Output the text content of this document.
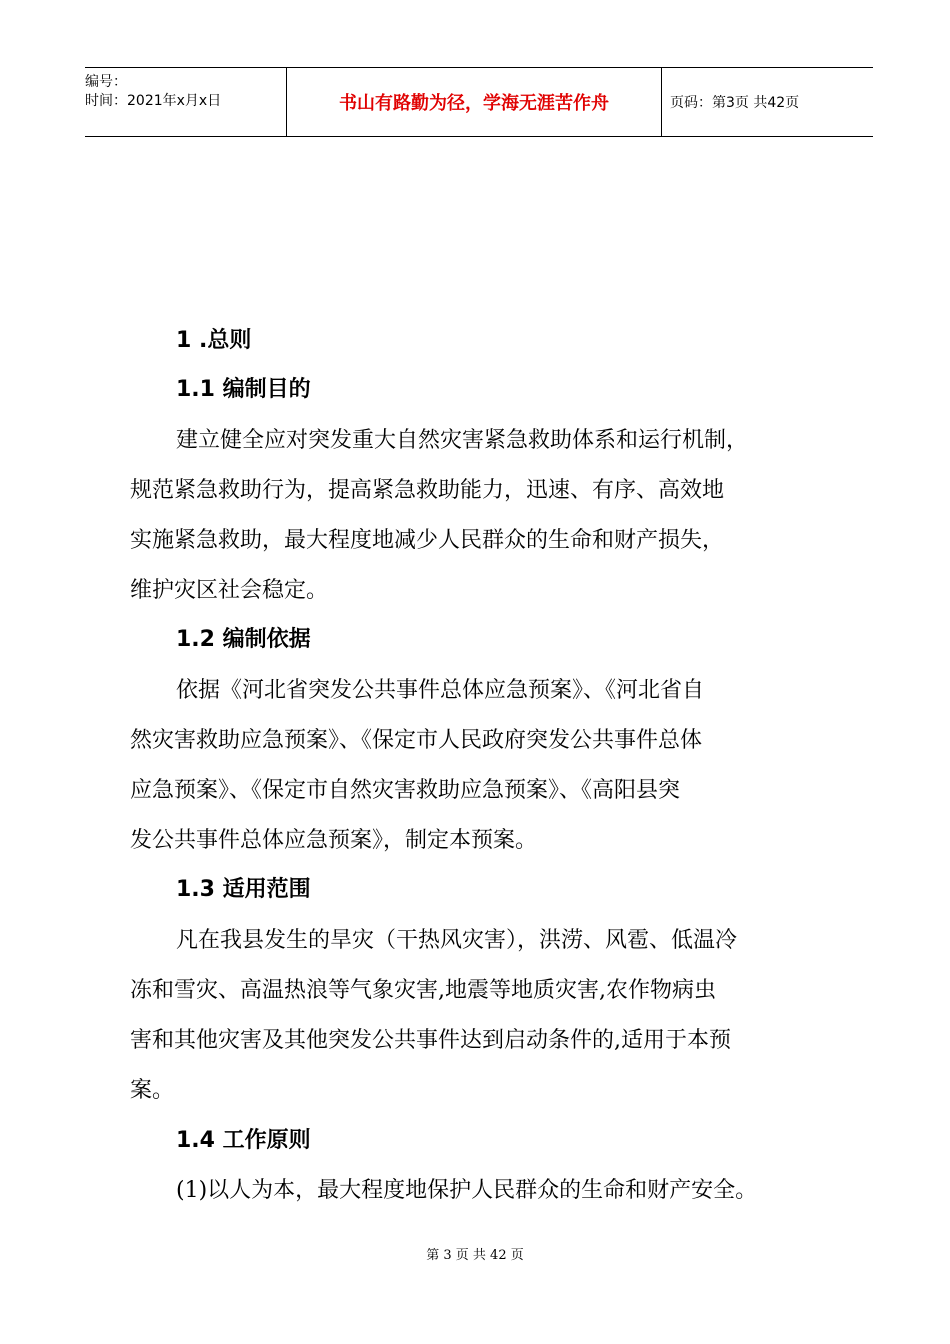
编号：
时间：2021年x月x日	书山有路勤为径，学海无涯苦作舟	页码：第3页 共42页
1 .总则
1.1 编制目的
建立健全应对突发重大自然灾害紧急救助体系和运行机制，
规范紧急救助行为，提高紧急救助能力，迅速、有序、高效地
实施紧急救助，最大程度地减少人民群众的生命和财产损失，
维护灾区社会稳定。
1.2 编制依据
依据《河北省突发公共事件总体应急预案》、《河北省自
然灾害救助应急预案》、《保定市人民政府突发公共事件总体
应急预案》、《保定市自然灾害救助应急预案》、《高阳县突
发公共事件总体应急预案》，制定本预案。
1.3 适用范围
凡在我县发生的旱灾（干热风灾害），洪涝、风雹、低温冷
冻和雪灾、高温热浪等气象灾害,地震等地质灾害,农作物病虫
害和其他灾害及其他突发公共事件达到启动条件的,适用于本预
案。
1.4 工作原则
(1)以人为本，最大程度地保护人民群众的生命和财产安全。
第 3 页 共 42 页
